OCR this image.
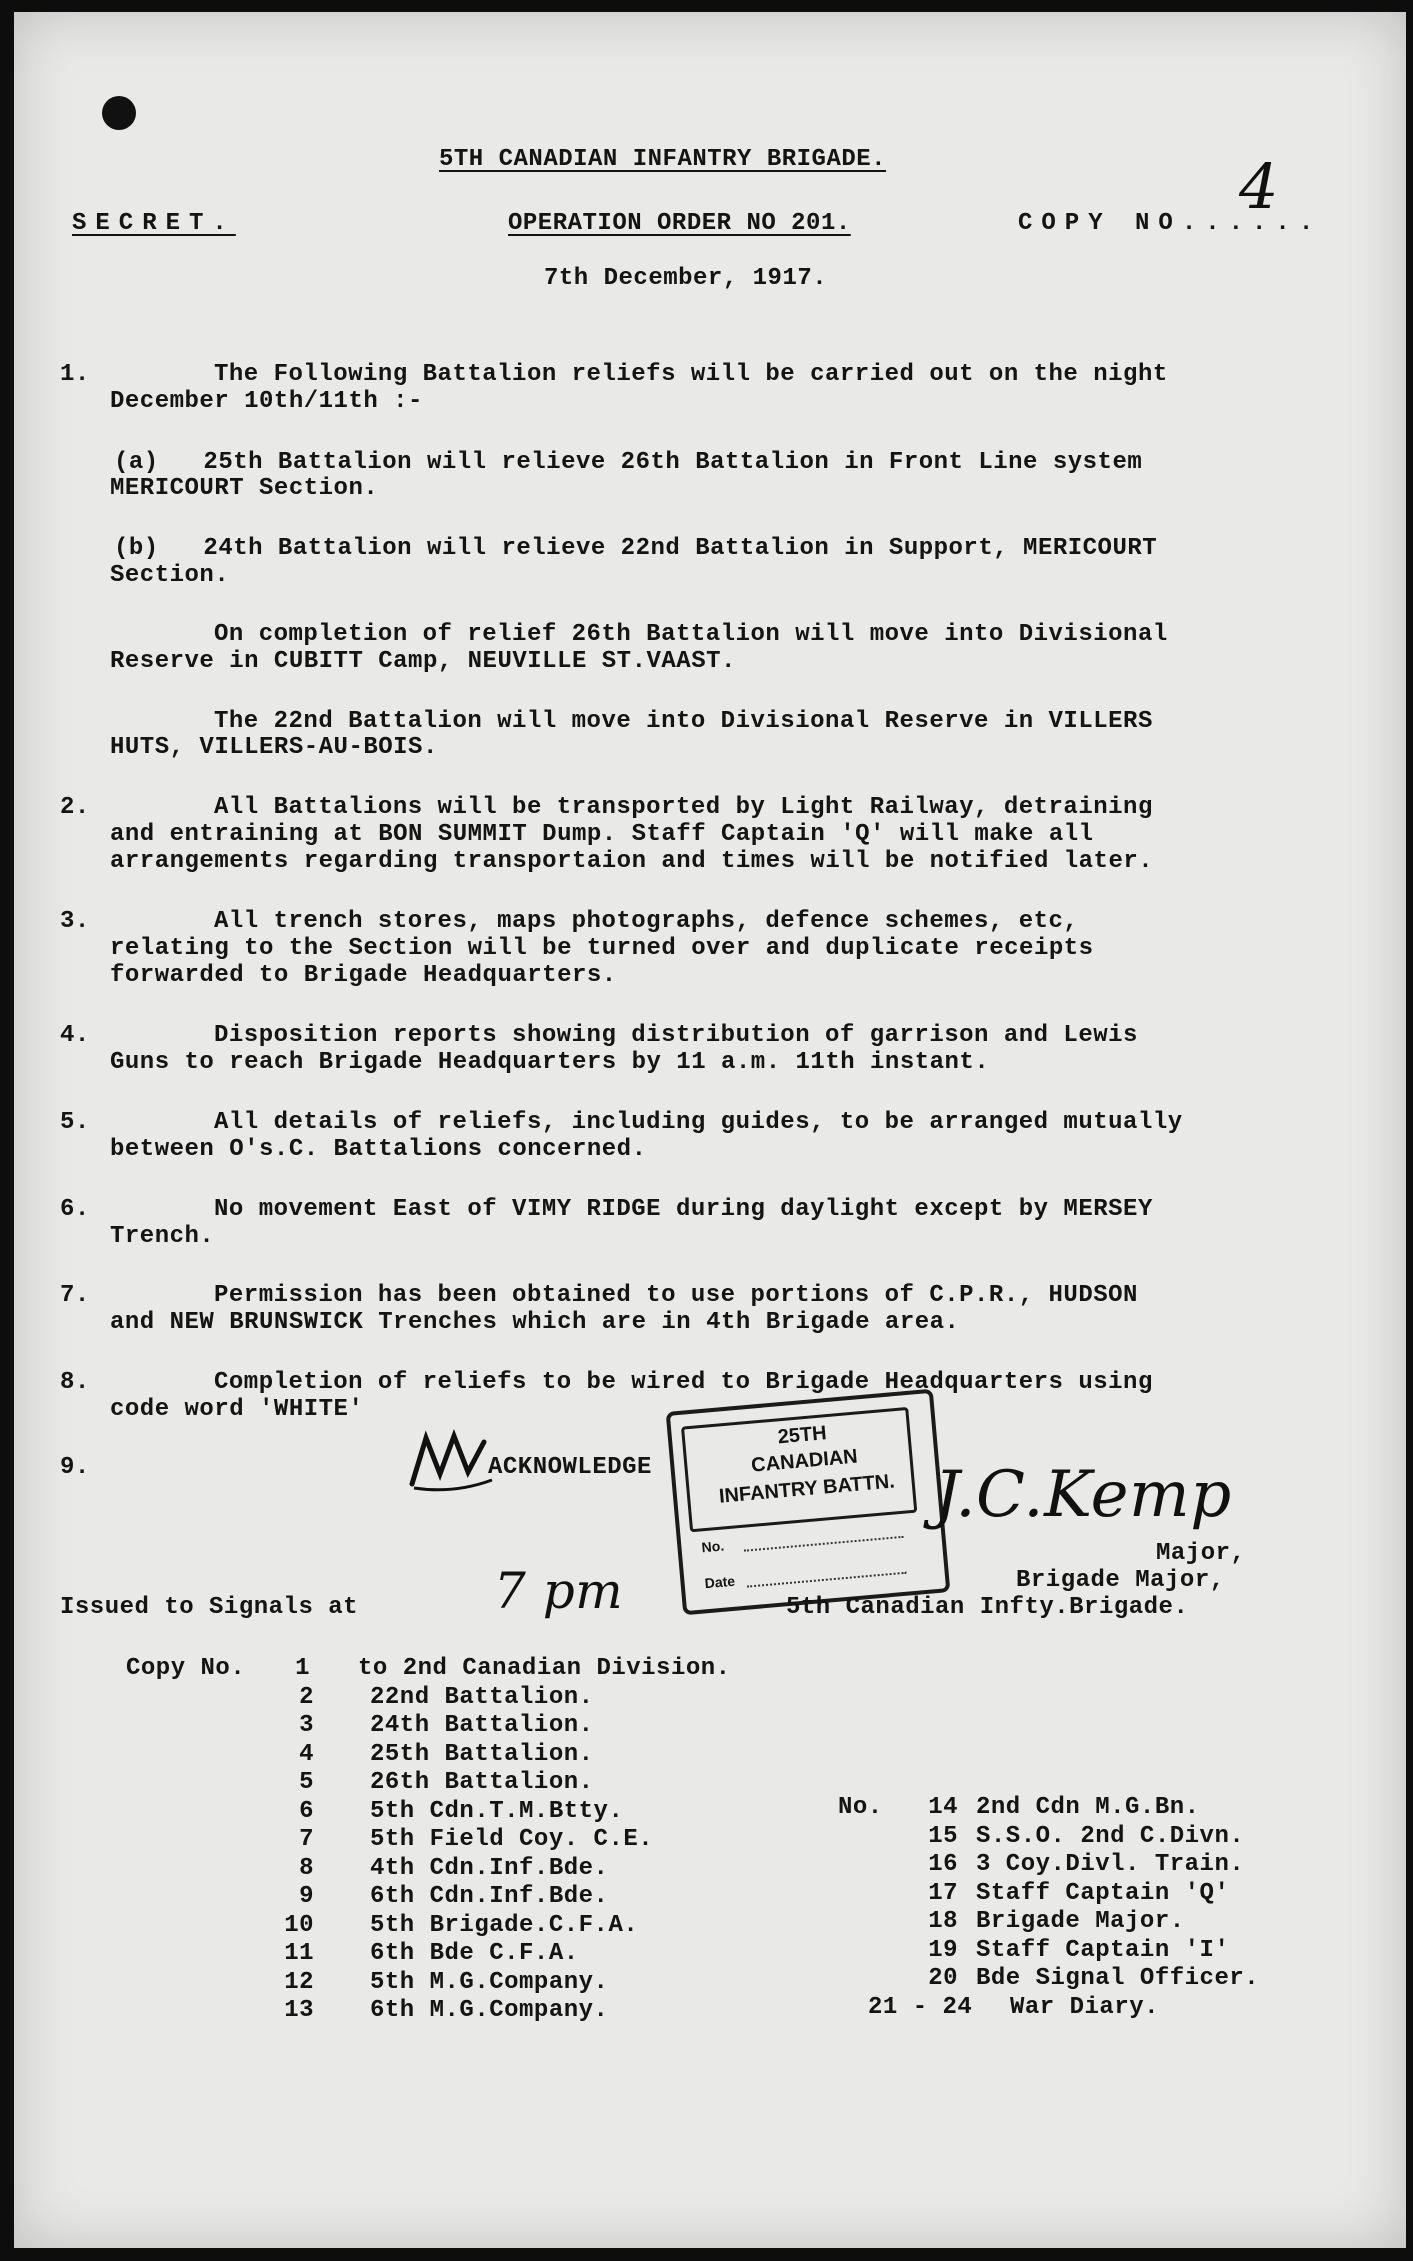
5TH CANADIAN INFANTRY BRIGADE.
SECRET.	OPERATION ORDER NO 201.	COPY NO......
4
7th December, 1917.
1.	The Following Battalion reliefs will be carried out on the night
December 10th/11th :-
(a)   25th Battalion will relieve 26th Battalion in Front Line system
MERICOURT Section.
(b)   24th Battalion will relieve 22nd Battalion in Support, MERICOURT
Section.
On completion of relief 26th Battalion will move into Divisional
Reserve in CUBITT Camp, NEUVILLE ST.VAAST.
The 22nd Battalion will move into Divisional Reserve in VILLERS
HUTS, VILLERS-AU-BOIS.
2.	All Battalions will be transported by Light Railway, detraining
and entraining at BON SUMMIT Dump. Staff Captain 'Q' will make all
arrangements regarding transportaion and times will be notified later.
3.	All trench stores, maps photographs, defence schemes, etc,
relating to the Section will be turned over and duplicate receipts
forwarded to Brigade Headquarters.
4.	Disposition reports showing distribution of garrison and Lewis
Guns to reach Brigade Headquarters by 11 a.m. 11th instant.
5.	All details of reliefs, including guides, to be arranged mutually
between O's.C. Battalions concerned.
6.	No movement East of VIMY RIDGE during daylight except by MERSEY
Trench.
7.	Permission has been obtained to use portions of C.P.R., HUDSON
and NEW BRUNSWICK Trenches which are in 4th Brigade area.
8.	Completion of reliefs to be wired to Brigade Headquarters using
code word 'WHITE'
9.	ACKNOWLEDGE
25TH
CANADIAN
INFANTRY BATTN.
No.
Date
J.C.Kemp
Major,
Brigade Major,
5th Canadian Infty.Brigade.
Issued to Signals at	7 pm
Copy No.
No.
1 to 2nd Canadian Division.
2 22nd Battalion.
3 24th Battalion.
4 25th Battalion.
5 26th Battalion.
6 5th Cdn.T.M.Btty.
7 5th Field Coy. C.E.
8 4th Cdn.Inf.Bde.
9 6th Cdn.Inf.Bde.
10 5th Brigade.C.F.A.
11 6th Bde C.F.A.
12 5th M.G.Company.
13 6th M.G.Company.
14 2nd Cdn M.G.Bn.
15 S.S.O. 2nd C.Divn.
16 3 Coy.Divl. Train.
17 Staff Captain 'Q'
18 Brigade Major.
19 Staff Captain 'I'
20 Bde Signal Officer.
21 - 24 War Diary.
